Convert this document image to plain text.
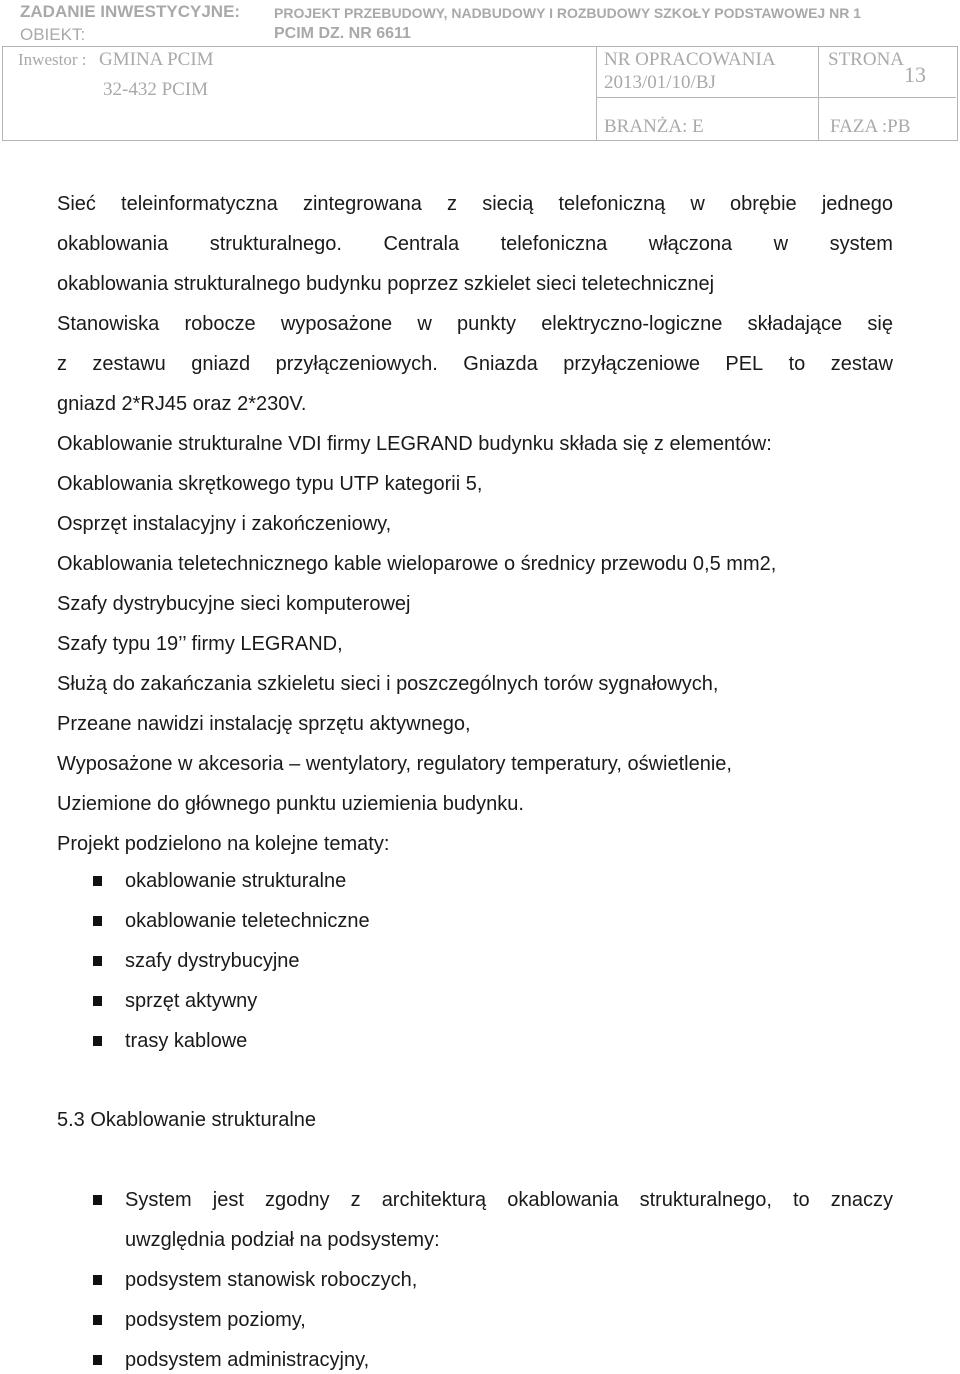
ZADANIE INWESTYCYJNE: PROJEKT PRZEBUDOWY, NADBUDOWY I ROZBUDOWY SZKOŁY PODSTAWOWEJ NR 1
OBIEKT:	PCIM DZ. NR 6611
Inwestor : GMINA PCIM
32-432 PCIM
NR OPRACOWANIA
2013/01/10/BJ
STRONA
13
BRANŻA: E	FAZA :PB
Sieć teleinformatyczna zintegrowana z siecią telefoniczną w obrębie jednego
okablowania strukturalnego. Centrala telefoniczna włączona w system
okablowania strukturalnego budynku poprzez szkielet sieci teletechnicznej
Stanowiska robocze wyposażone w punkty elektryczno-logiczne składające się
z zestawu gniazd przyłączeniowych. Gniazda przyłączeniowe PEL to zestaw
gniazd 2*RJ45 oraz 2*230V.
Okablowanie strukturalne VDI firmy LEGRAND budynku składa się z elementów:
Okablowania skrętkowego typu UTP kategorii 5,
Osprzęt instalacyjny i zakończeniowy,
Okablowania teletechnicznego kable wieloparowe o średnicy przewodu 0,5 mm2,
Szafy dystrybucyjne sieci komputerowej
Szafy typu 19’’ firmy LEGRAND,
Służą do zakańczania szkieletu sieci i poszczególnych torów sygnałowych,
Przeane nawidzi instalację sprzętu aktywnego,
Wyposażone w akcesoria – wentylatory, regulatory temperatury, oświetlenie,
Uziemione do głównego punktu uziemienia budynku.
Projekt podzielono na kolejne tematy:
okablowanie strukturalne
okablowanie teletechniczne
szafy dystrybucyjne
sprzęt aktywny
trasy kablowe
5.3 Okablowanie strukturalne
System jest zgodny z architekturą okablowania strukturalnego, to znaczy
uwzględnia podział na podsystemy:
podsystem stanowisk roboczych,
podsystem poziomy,
podsystem administracyjny,
